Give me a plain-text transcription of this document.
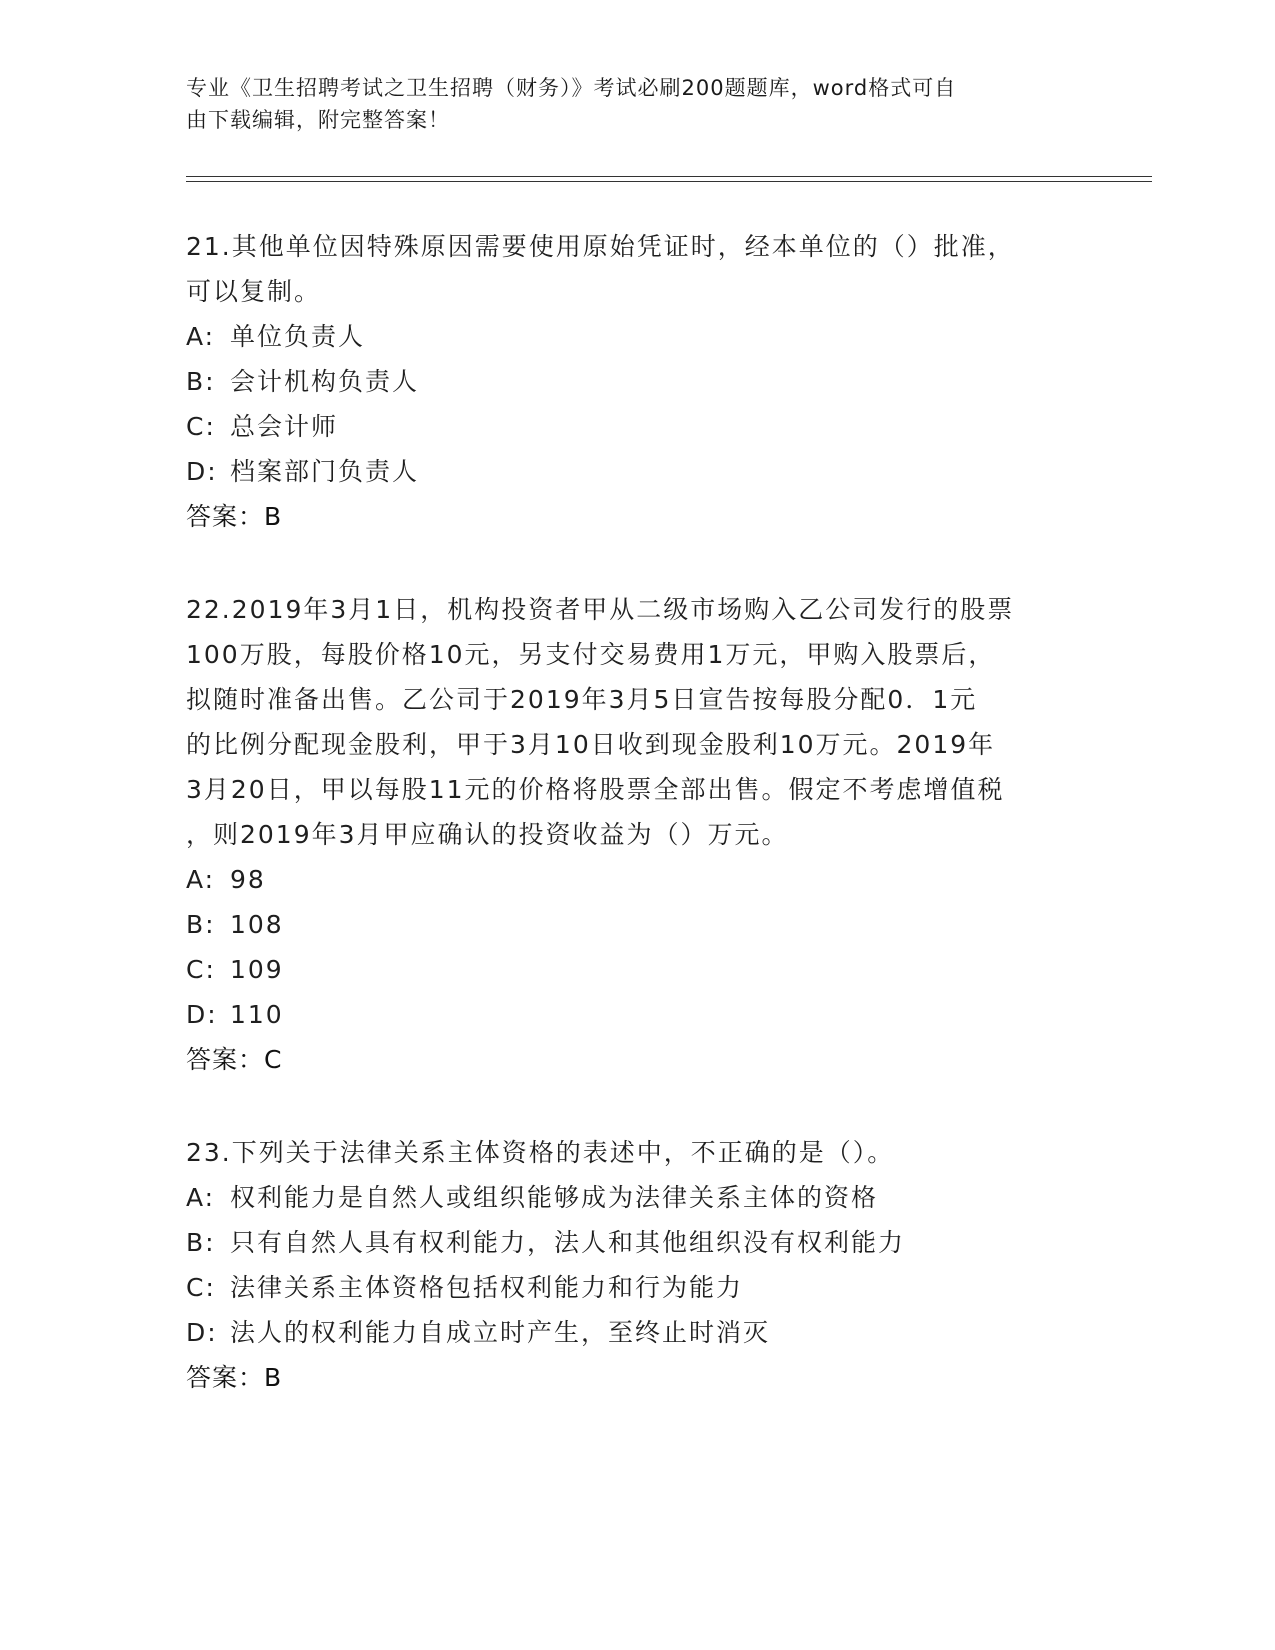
专业《卫生招聘考试之卫生招聘（财务）》考试必刷200题题库，word格式可自
由下载编辑，附完整答案！
21.其他单位因特殊原因需要使用原始凭证时，经本单位的（）批准，
可以复制。
A: 单位负责人
B: 会计机构负责人
C: 总会计师
D: 档案部门负责人
答案：B
22.2019年3月1日，机构投资者甲从二级市场购入乙公司发行的股票
100万股，每股价格10元，另支付交易费用1万元，甲购入股票后，
拟随时准备出售。乙公司于2019年3月5日宣告按每股分配0．1元
的比例分配现金股利，甲于3月10日收到现金股利10万元。2019年
3月20日，甲以每股11元的价格将股票全部出售。假定不考虑增值税
，则2019年3月甲应确认的投资收益为（）万元。
A: 98
B: 108
C: 109
D: 110
答案：C
23.下列关于法律关系主体资格的表述中，不正确的是（）。
A: 权利能力是自然人或组织能够成为法律关系主体的资格
B: 只有自然人具有权利能力，法人和其他组织没有权利能力
C: 法律关系主体资格包括权利能力和行为能力
D: 法人的权利能力自成立时产生，至终止时消灭
答案：B
